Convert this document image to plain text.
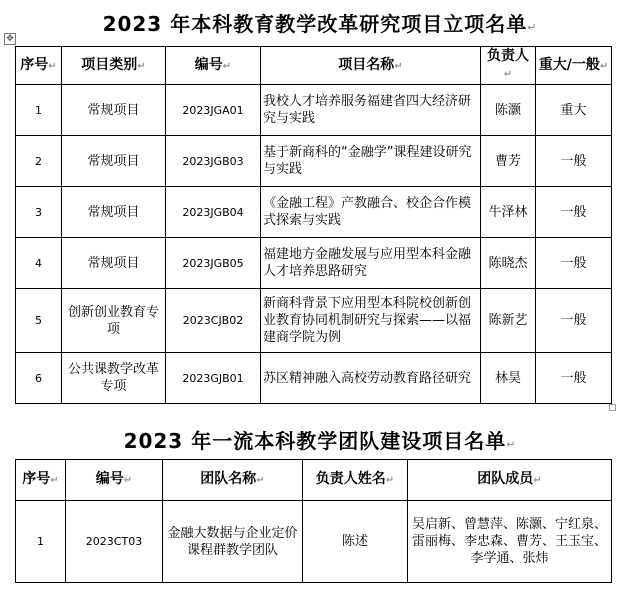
2023 年本科教育教学改革研究项目立项名单↵
✥
序号↵	项目类别↵	编号↵	项目名称↵	负责人↵	重大/一般↵
1	常规项目	2023JGA01	我校人才培养服务福建省四大经济研究与实践	陈灏	重大
2	常规项目	2023JGB03	基于新商科的“金融学”课程建设研究与实践	曹芳	一般
3	常规项目	2023JGB04	《金融工程》产教融合、校企合作模式探索与实践	牛泽林	一般
4	常规项目	2023JGB05	福建地方金融发展与应用型本科金融人才培养思路研究	陈晓杰	一般
5	创新创业教育专项	2023CJB02	新商科背景下应用型本科院校创新创业教育协同机制研究与探索——以福建商学院为例	陈新艺	一般
6	公共课教学改革专项	2023GJB01	苏区精神融入高校劳动教育路径研究	林昊	一般
2023 年一流本科教学团队建设项目名单↵
序号↵	编号↵	团队名称↵	负责人姓名↵	团队成员↵
1	2023CT03	金融大数据与企业定价课程群教学团队	陈述	吴启新、曾慧萍、陈灏、宁红泉、雷丽梅、李忠森、曹芳、王玉宝、李学通、张炜
